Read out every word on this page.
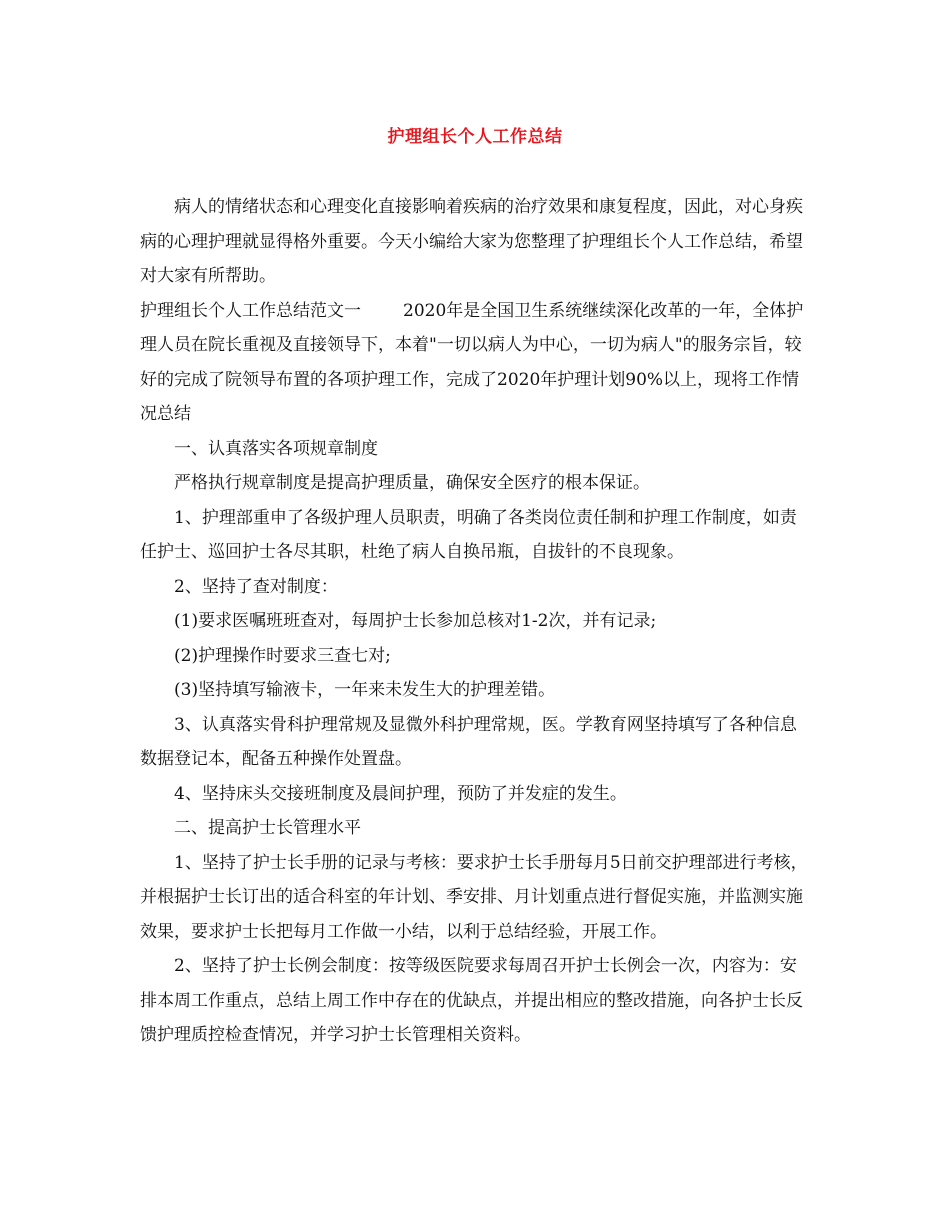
护理组长个人工作总结

病人的情绪状态和心理变化直接影响着疾病的治疗效果和康复程度，因此，对心身疾病的心理护理就显得格外重要。今天小编给大家为您整理了护理组长个人工作总结，希望对大家有所帮助。

护理组长个人工作总结范文一 2020年是全国卫生系统继续深化改革的一年，全体护理人员在院长重视及直接领导下，本着"一切以病人为中心，一切为病人"的服务宗旨，较好的完成了院领导布置的各项护理工作，完成了2020年护理计划90%以上，现将工作情况总结

一、认真落实各项规章制度

严格执行规章制度是提高护理质量，确保安全医疗的根本保证。

1、护理部重申了各级护理人员职责，明确了各类岗位责任制和护理工作制度，如责任护士、巡回护士各尽其职，杜绝了病人自换吊瓶，自拔针的不良现象。

2、坚持了查对制度：

(1)要求医嘱班班查对，每周护士长参加总核对1-2次，并有记录;

(2)护理操作时要求三查七对;

(3)坚持填写输液卡，一年来未发生大的护理差错。

3、认真落实骨科护理常规及显微外科护理常规，医。学教育网坚持填写了各种信息数据登记本，配备五种操作处置盘。

4、坚持床头交接班制度及晨间护理，预防了并发症的发生。

二、提高护士长管理水平

1、坚持了护士长手册的记录与考核：要求护士长手册每月5日前交护理部进行考核，并根据护士长订出的适合科室的年计划、季安排、月计划重点进行督促实施，并监测实施效果，要求护士长把每月工作做一小结，以利于总结经验，开展工作。

2、坚持了护士长例会制度：按等级医院要求每周召开护士长例会一次，内容为：安排本周工作重点，总结上周工作中存在的优缺点，并提出相应的整改措施，向各护士长反馈护理质控检查情况，并学习护士长管理相关资料。
